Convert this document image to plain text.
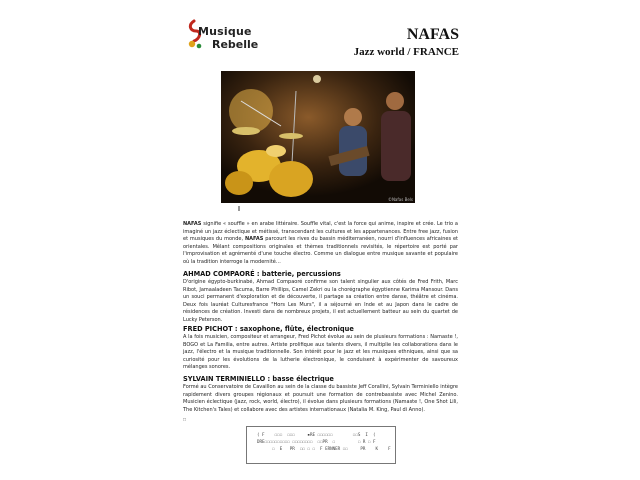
Musique
Rebelle
NAFAS
Jazz world / FRANCE
©Nafas Bels
NAFAS signifie « souffle » en arabe littéraire. Souffle vital, c'est la force qui anime, inspire et crée. Le trio a imaginé un jazz éclectique et métissé, transcendant les cultures et les appartenances. Entre free jazz, fusion et musiques du monde, NAFAS parcourt les rives du bassin méditerranéen, nourri d'influences africaines et orientales. Mêlant compositions originales et thèmes traditionnels revisités, le répertoire est porté par l'improvisation et agrémenté d'une touche électro. Comme un dialogue entre musique savante et populaire où la tradition interroge la modernité…
AHMAD COMPAORÉ : batterie, percussions
D'origine égypto-burkinabé, Ahmad Compaoré confirme son talent singulier aux côtés de Fred Frith, Marc Ribot, Jamaaladeen Tacuma, Barre Phillips, Camel Zekri ou la chorégraphe égyptienne Karima Mansour. Dans un souci permanent d'exploration et de découverte, il partage sa création entre danse, théâtre et cinéma. Deux fois lauréat Culturesfrance "Hors Les Murs", il a séjourné en Inde et au Japon dans le cadre de résidences de création. Investi dans de nombreux projets, il est actuellement batteur au sein du quartet de Lucky Peterson.
FRED PICHOT : saxophone, flûte, électronique
A la fois musicien, compositeur et arrangeur, Fred Pichot évolue au sein de plusieurs formations : Namaste !, BOGO et La Familia, entre autres. Artiste prolifique aux talents divers, il multiplie les collaborations dans le jazz, l'électro et la musique traditionnelle. Son intérêt pour le jazz et les musiques ethniques, ainsi que sa curiosité pour les évolutions de la lutherie électronique, le conduisent à expérimenter de savoureux mélanges sonores.
SYLVAIN TERMINIELLO : basse électrique
Formé au Conservatoire de Cavaillon au sein de la classe du bassiste Jeff Corallini, Sylvain Terminiello intègre rapidement divers groupes régionaux et poursuit une formation de contrebassiste avec Michel Zenino. Musicien éclectique (jazz, rock, world, électro), il évolue dans plusieurs formations (Namaste !, One Shot Lili, The Kitchen's Tales) et collabore avec des artistes internationaux (Natalia M. King, Paul di Anno).
□
( F    ☐☐☐  ☐☐☐     ▪RE ☐☐☐☐☐☐        ☐☐S  I  (
DRE☐☐☐☐☐☐☐☐☐☐ ☐☐☐☐☐☐☐☐  ☐☐PR  ☐         ☐ R ☐ F
☐  E   PR  ☐☐ ☐ ☐  F ERNNER ☐☐     PR    K    F
